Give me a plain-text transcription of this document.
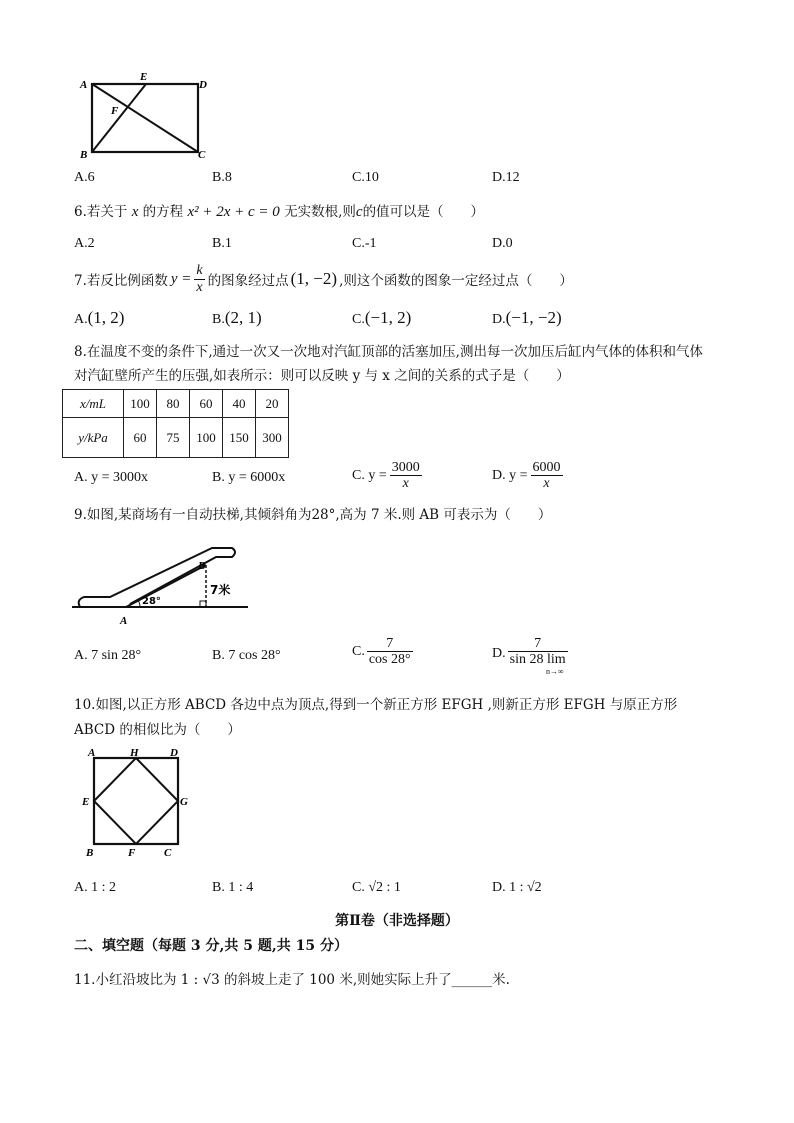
A
E
D
F
B	C
A.6	B.8	C.10	D.12
6.若关于 x 的方程 x² + 2x + c = 0 无实数根,则c的值可以是（　　）
A.2	B.1	C.-1	D.0
7.若反比例函数 $y = \frac{k}{x}$ 的图象经过点 (1, −2) ,则这个函数的图象一定经过点（　　）
A.(1, 2)	B.(2, 1)	C.(−1, 2)	D.(−1, −2)
8.在温度不变的条件下,通过一次又一次地对汽缸顶部的活塞加压,测出每一次加压后缸内气体的体积和气体
对汽缸壁所产生的压强,如表所示：则可以反映 y 与 x 之间的关系的式子是（　　）
x/mL	100	80	60	40	20
y/kPa	60	75	100	150	300
A. y = 3000x	B. y = 6000x	C. $y = \frac{3000}{x}$	D. $y = \frac{6000}{x}$
9.如图,某商场有一自动扶梯,其倾斜角为28°,高为 7 米.则 AB 可表示为（　　）
A
B
7米
28°
A. 7 sin 28°	B. 7 cos 28°	C. $\frac{7}{\cos 28^\circ}$	D.
7
sin 28 lim
n→∞
10.如图,以正方形 ABCD 各边中点为顶点,得到一个新正方形 EFGH ,则新正方形 EFGH 与原正方形
ABCD 的相似比为（　　）
A	H	D
E	G
B	F	C
A. 1 : 2	B. 1 : 4	C. √2 : 1	D. 1 : √2
第Ⅱ卷（非选择题）
二、填空题（每题 3 分,共 5 题,共 15 分）
11.小红沿坡比为 1 : √3 的斜坡上走了 100 米,则她实际上升了______米.
